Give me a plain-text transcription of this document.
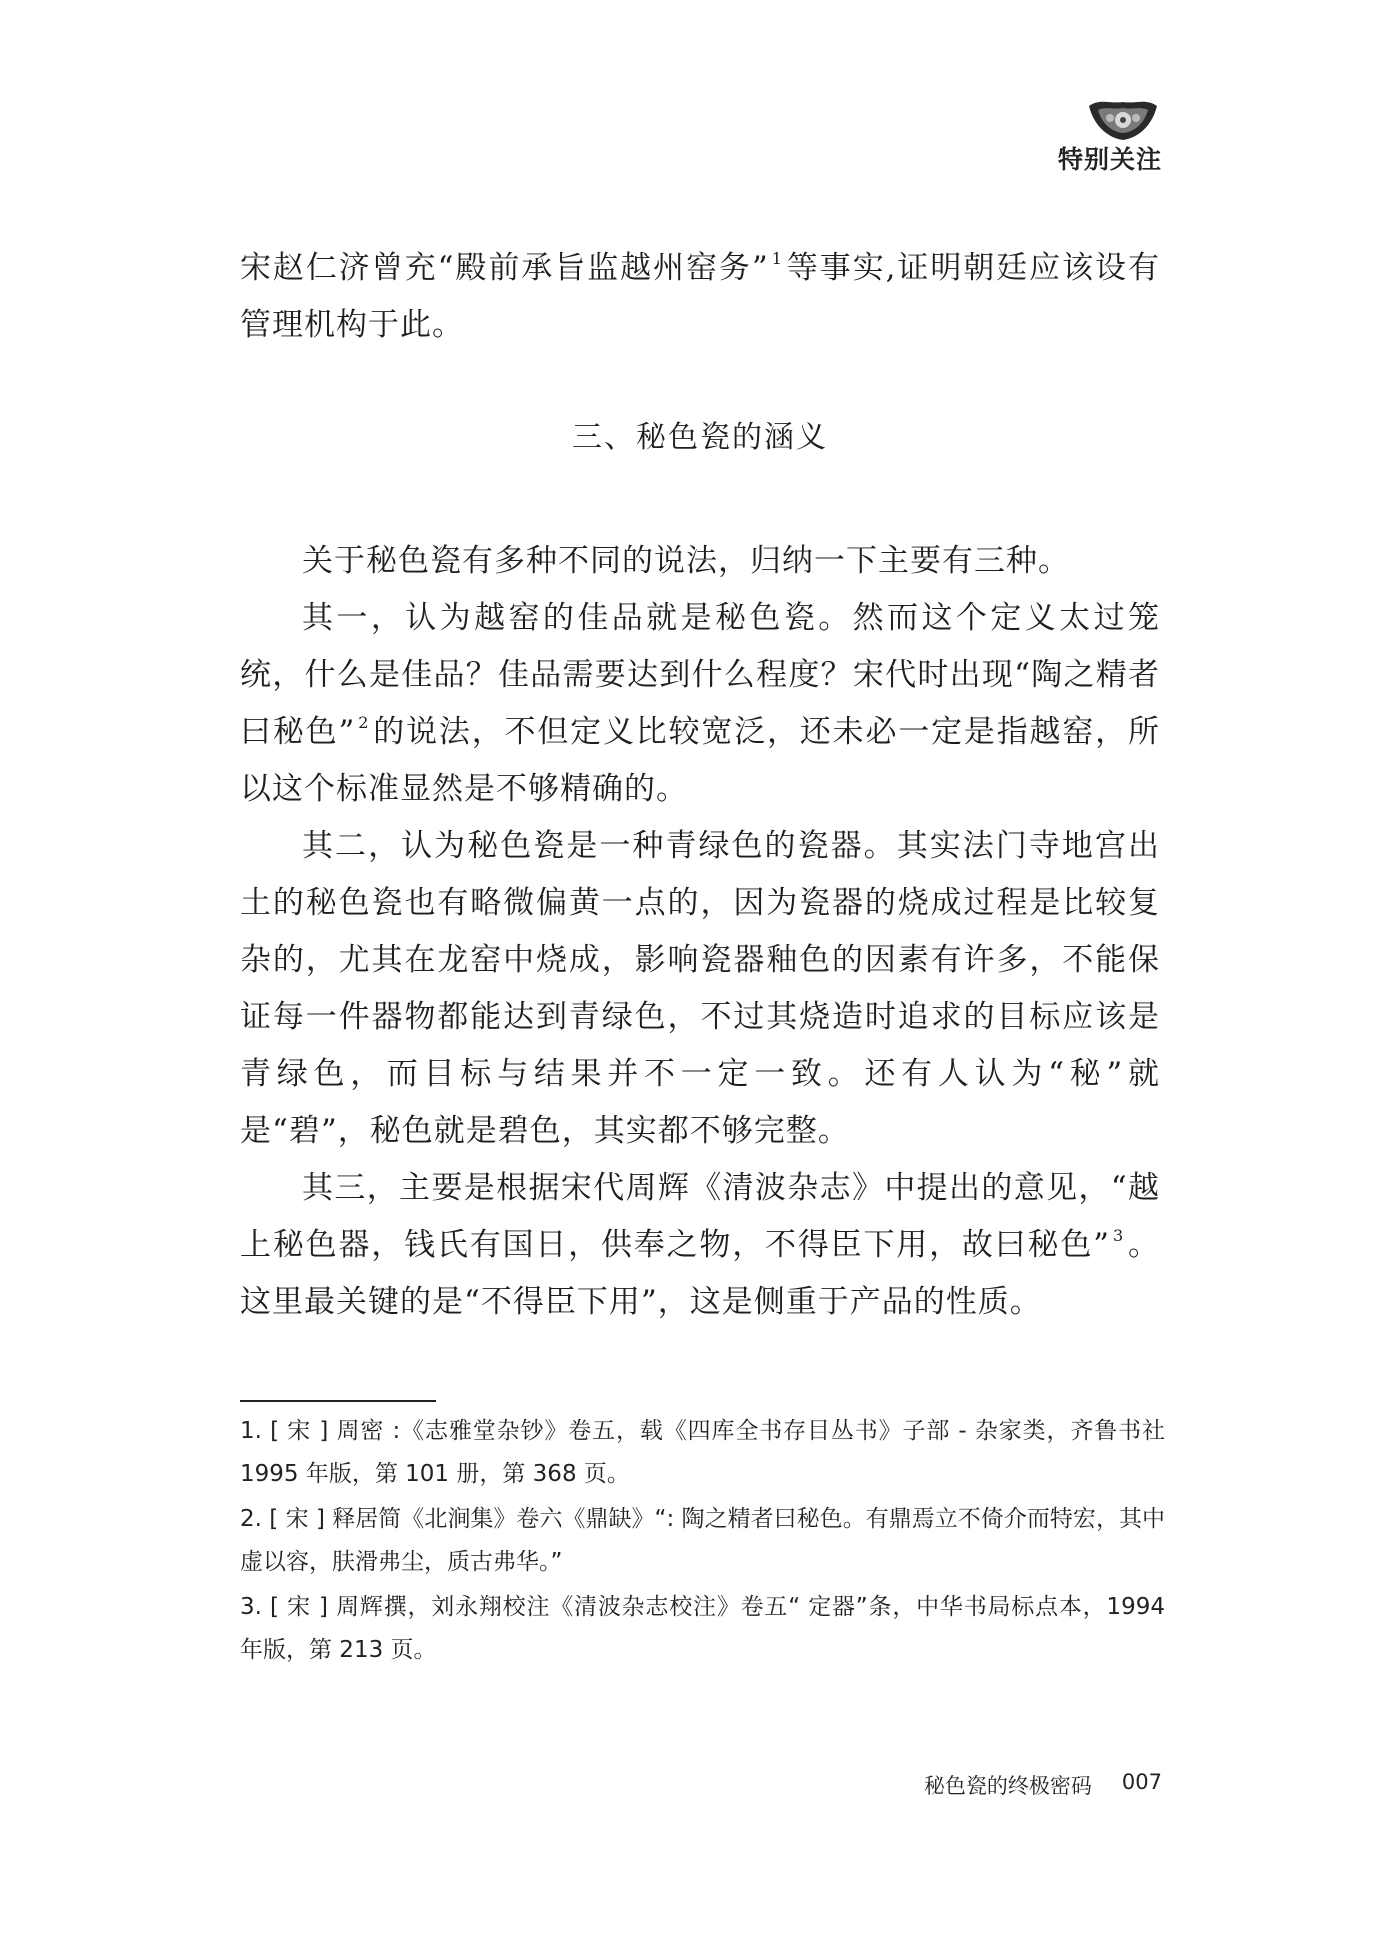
特别关注

宋赵仁济曾充“殿前承旨监越州窑务” $^1$等事实,证明朝廷应该设有管理机构于此。

三、秘色瓷的涵义

关于秘色瓷有多种不同的说法，归纳一下主要有三种。

其一，认为越窑的佳品就是秘色瓷。然而这个定义太过笼统，什么是佳品？佳品需要达到什么程度？宋代时出现“陶之精者曰秘色” $^2$的说法，不但定义比较宽泛，还未必一定是指越窑，所以这个标准显然是不够精确的。

其二，认为秘色瓷是一种青绿色的瓷器。其实法门寺地宫出土的秘色瓷也有略微偏黄一点的，因为瓷器的烧成过程是比较复杂的，尤其在龙窑中烧成，影响瓷器釉色的因素有许多，不能保证每一件器物都能达到青绿色，不过其烧造时追求的目标应该是青绿色，而目标与结果并不一定一致。还有人认为“秘”就是“碧”，秘色就是碧色，其实都不够完整。

其三，主要是根据宋代周辉《清波杂志》中提出的意见，“越上秘色器，钱氏有国日，供奉之物，不得臣下用，故曰秘色” $^3$。这里最关键的是“不得臣下用”，这是侧重于产品的性质。

1. [ 宋 ] 周密 :《志雅堂杂钞》卷五，载《四库全书存目丛书》子部 - 杂家类，齐鲁书社 1995 年版，第 101 册，第 368 页。

2. [ 宋 ] 释居简《北涧集》卷六《鼎缺》“: 陶之精者曰秘色。有鼎焉立不倚介而特宏，其中虚以容，肤滑弗尘，质古弗华。”

3. [ 宋 ] 周辉撰，刘永翔校注《清波杂志校注》卷五“ 定器”条，中华书局标点本，1994 年版，第 213 页。

秘色瓷的终极密码 007
